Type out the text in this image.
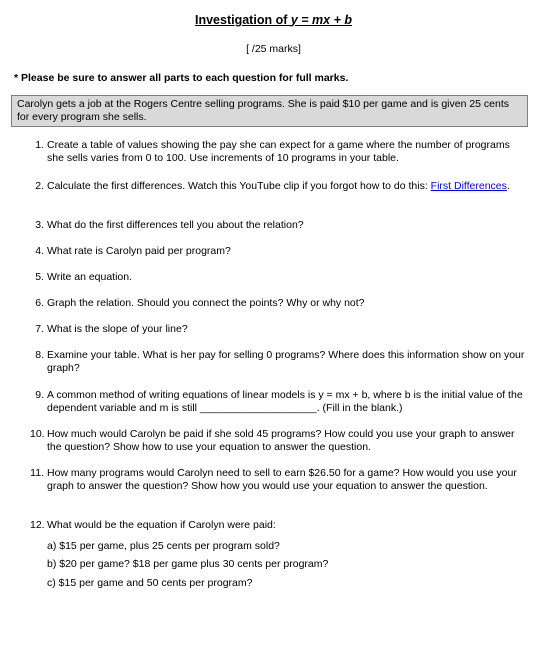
Investigation of y = mx + b
[ /25 marks]
* Please be sure to answer all parts to each question for full marks.
Carolyn gets a job at the Rogers Centre selling programs. She is paid $10 per game and is given 25 cents for every program she sells.
1. Create a table of values showing the pay she can expect for a game where the number of programs she sells varies from 0 to 100. Use increments of 10 programs in your table.
2. Calculate the first differences. Watch this YouTube clip if you forgot how to do this: First Differences.
3. What do the first differences tell you about the relation?
4. What rate is Carolyn paid per program?
5. Write an equation.
6. Graph the relation. Should you connect the points? Why or why not?
7. What is the slope of your line?
8. Examine your table. What is her pay for selling 0 programs? Where does this information show on your graph?
9. A common method of writing equations of linear models is y = mx + b, where b is the initial value of the dependent variable and m is still ____________________. (Fill in the blank.)
10. How much would Carolyn be paid if she sold 45 programs? How could you use your graph to answer the question? Show how to use your equation to answer the question.
11. How many programs would Carolyn need to sell to earn $26.50 for a game? How would you use your graph to answer the question? Show how you would use your equation to answer the question.
12. What would be the equation if Carolyn were paid:
a) $15 per game, plus 25 cents per program sold?
b) $20 per game? $18 per game plus 30 cents per program?
c) $15 per game and 50 cents per program?
